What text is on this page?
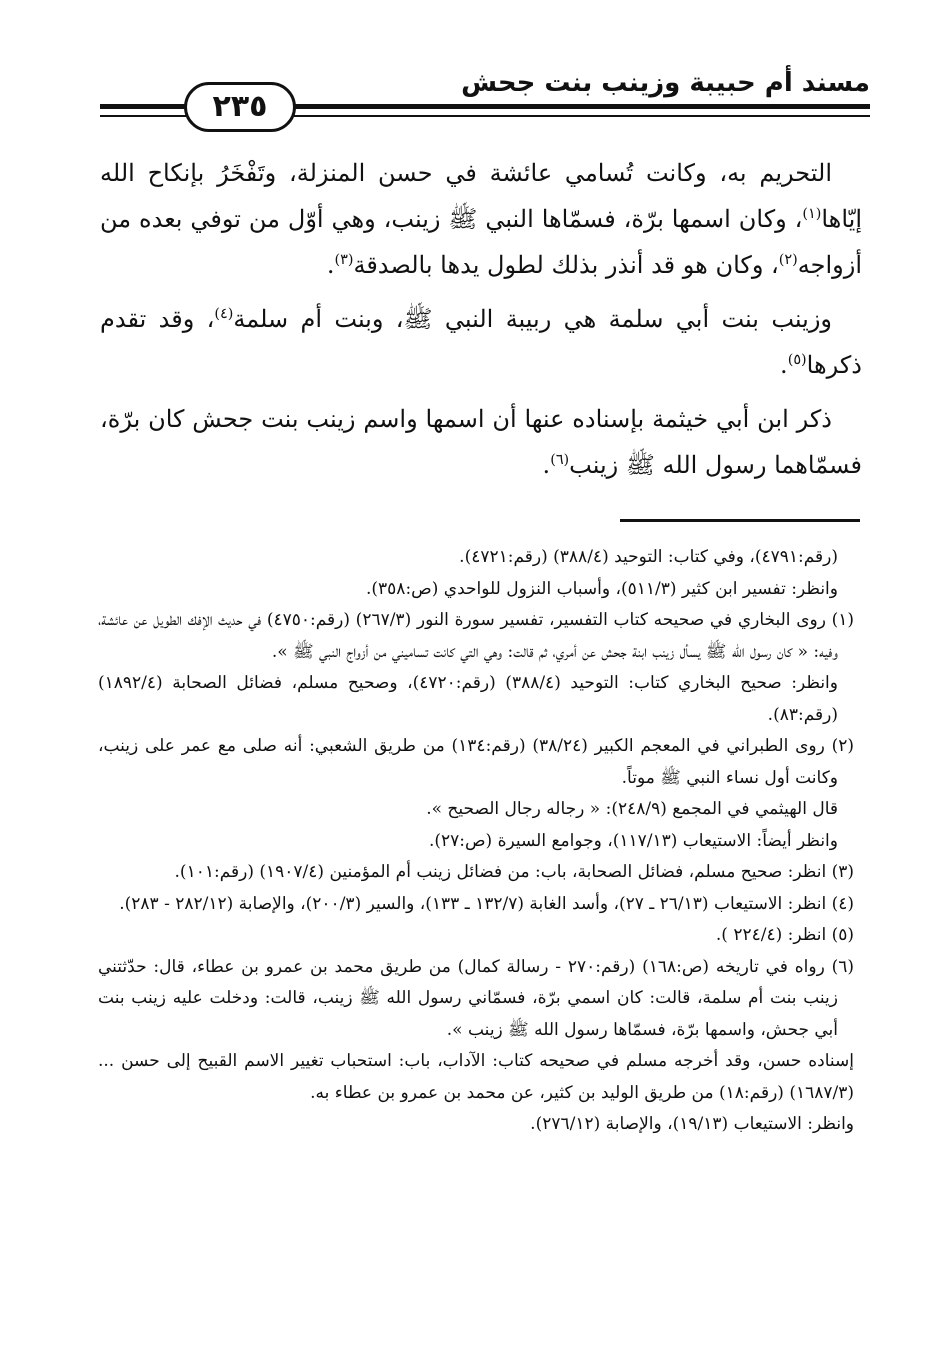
مسند أم حبيبة وزينب بنت جحش
٢٣٥

التحريم به، وكانت تُسامي عائشة في حسن المنزلة، وتَفْخَرُ بإنكاح الله إيّاها$^{(١)}$، وكان اسمها برّة، فسمّاها النبي ﷺ زينب، وهي أوّل من توفي بعده من أزواجه$^{(٢)}$، وكان هو قد أنذر بذلك لطول يدها بالصدقة$^{(٣)}$.

وزينب بنت أبي سلمة هي ربيبة النبي ﷺ، وبنت أم سلمة$^{(٤)}$، وقد تقدم ذكرها$^{(٥)}$.

ذكر ابن أبي خيثمة بإسناده عنها أن اسمها واسم زينب بنت جحش كان برّة، فسمّاهما رسول الله ﷺ زينب$^{(٦)}$.

(رقم:٤٧٩١)، وفي كتاب: التوحيد (٣٨٨/٤) (رقم:٤٧٢١).

وانظر: تفسير ابن كثير (٥١١/٣)، وأسباب النزول للواحدي (ص:٣٥٨).

(١) روى البخاري في صحيحه كتاب التفسير، تفسير سورة النور (٢٦٧/٣) (رقم:٤٧٥٠) في حديث الإفك الطويل عن عائشة، وفيه: « كان رسول الله ﷺ يسأل زينب ابنة جحش عن أمري، ثم قالت: وهي التي كانت تساميني من أزواج النبي ﷺ ».

وانظر: صحيح البخاري كتاب: التوحيد (٣٨٨/٤) (رقم:٤٧٢٠)، وصحيح مسلم، فضائل الصحابة (١٨٩٢/٤) (رقم:٨٣).

(٢) روى الطبراني في المعجم الكبير (٣٨/٢٤) (رقم:١٣٤) من طريق الشعبي: أنه صلى مع عمر على زينب، وكانت أول نساء النبي ﷺ موتاً.

قال الهيثمي في المجمع (٢٤٨/٩): « رجاله رجال الصحيح ».

وانظر أيضاً: الاستيعاب (١١٧/١٣)، وجوامع السيرة (ص:٢٧).

(٣) انظر: صحيح مسلم، فضائل الصحابة، باب: من فضائل زينب أم المؤمنين (١٩٠٧/٤) (رقم:١٠١).

(٤) انظر: الاستيعاب (٢٦/١٣ ـ ٢٧)، وأسد الغابة (١٣٢/٧ ـ ١٣٣)، والسير (٢٠٠/٣)، والإصابة (٢٨٢/١٢ - ٢٨٣).

(٥) انظر: (٢٢٤/٤ ).

(٦) رواه في تاريخه (ص:١٦٨) (رقم:٢٧٠ - رسالة كمال) من طريق محمد بن عمرو بن عطاء، قال: حدّثتني زينب بنت أم سلمة، قالت: كان اسمي برّة، فسمّاني رسول الله ﷺ زينب، قالت: ودخلت عليه زينب بنت أبي جحش، واسمها برّة، فسمّاها رسول الله ﷺ زينب ».

إسناده حسن، وقد أخرجه مسلم في صحيحه كتاب: الآداب، باب: استحباب تغيير الاسم القبيح إلى حسن ... (١٦٨٧/٣) (رقم:١٨) من طريق الوليد بن كثير، عن محمد بن عمرو بن عطاء به.

وانظر: الاستيعاب (١٩/١٣)، والإصابة (٢٧٦/١٢).
